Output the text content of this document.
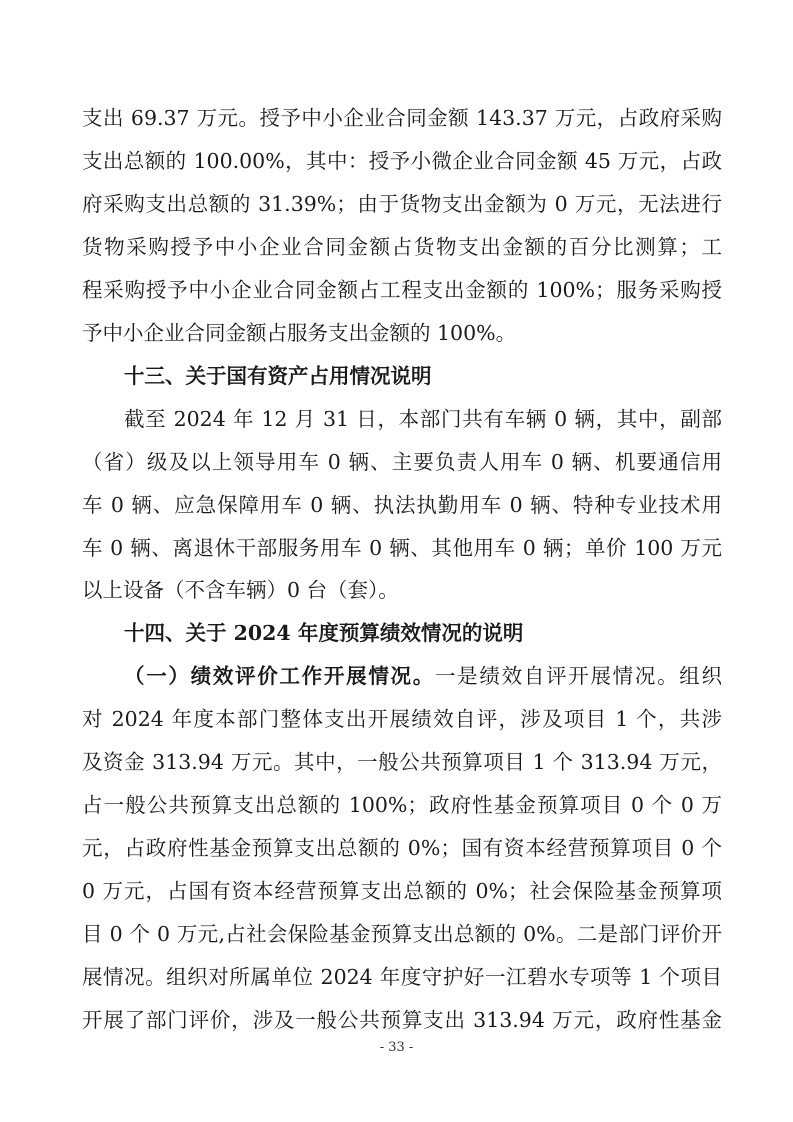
支出 69.37 万元。授予中小企业合同金额 143.37 万元，占政府采购
支出总额的 100.00%，其中：授予小微企业合同金额 45 万元，占政
府采购支出总额的 31.39%；由于货物支出金额为 0 万元，无法进行
货物采购授予中小企业合同金额占货物支出金额的百分比测算；工
程采购授予中小企业合同金额占工程支出金额的 100%；服务采购授
予中小企业合同金额占服务支出金额的 100%。
十三、关于国有资产占用情况说明
截至 2024 年 12 月 31 日，本部门共有车辆 0 辆，其中，副部
（省）级及以上领导用车 0 辆、主要负责人用车 0 辆、机要通信用
车 0 辆、应急保障用车 0 辆、执法执勤用车 0 辆、特种专业技术用
车 0 辆、离退休干部服务用车 0 辆、其他用车 0 辆；单价 100 万元
以上设备（不含车辆）0 台（套）。
十四、关于 2024 年度预算绩效情况的说明
（一）绩效评价工作开展情况。一是绩效自评开展情况。组织
对 2024 年度本部门整体支出开展绩效自评，涉及项目 1 个，共涉
及资金 313.94 万元。其中，一般公共预算项目 1 个 313.94 万元，
占一般公共预算支出总额的 100%；政府性基金预算项目 0 个 0 万
元，占政府性基金预算支出总额的 0%；国有资本经营预算项目 0 个
0 万元，占国有资本经营预算支出总额的 0%；社会保险基金预算项
目 0 个 0 万元,占社会保险基金预算支出总额的 0%。二是部门评价开
展情况。组织对所属单位 2024 年度守护好一江碧水专项等 1 个项目
- 33 -
开展了部门评价，涉及一般公共预算支出 313.94 万元，政府性基金
